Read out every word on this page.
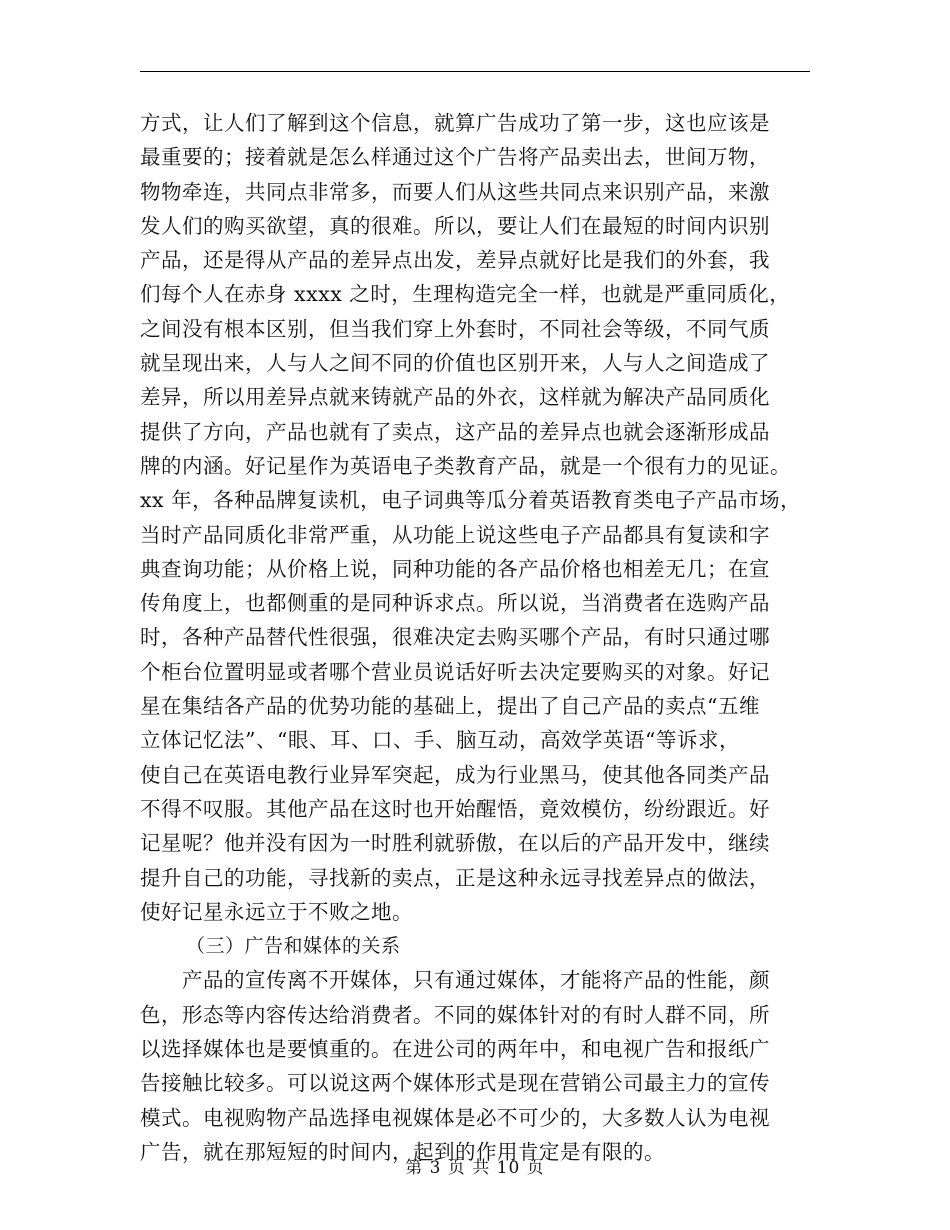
方式，让人们了解到这个信息，就算广告成功了第一步，这也应该是
最重要的；接着就是怎么样通过这个广告将产品卖出去，世间万物，
物物牵连，共同点非常多，而要人们从这些共同点来识别产品，来激
发人们的购买欲望，真的很难。所以，要让人们在最短的时间内识别
产品，还是得从产品的差异点出发，差异点就好比是我们的外套，我
们每个人在赤身 xxxx 之时，生理构造完全一样，也就是严重同质化，
之间没有根本区别，但当我们穿上外套时，不同社会等级，不同气质
就呈现出来，人与人之间不同的价值也区别开来，人与人之间造成了
差异，所以用差异点就来铸就产品的外衣，这样就为解决产品同质化
提供了方向，产品也就有了卖点，这产品的差异点也就会逐渐形成品
牌的内涵。好记星作为英语电子类教育产品，就是一个很有力的见证。
xx 年，各种品牌复读机，电子词典等瓜分着英语教育类电子产品市场，
当时产品同质化非常严重，从功能上说这些电子产品都具有复读和字
典查询功能；从价格上说，同种功能的各产品价格也相差无几；在宣
传角度上，也都侧重的是同种诉求点。所以说，当消费者在选购产品
时，各种产品替代性很强，很难决定去购买哪个产品，有时只通过哪
个柜台位置明显或者哪个营业员说话好听去决定要购买的对象。好记
星在集结各产品的优势功能的基础上，提出了自己产品的卖点“五维
立体记忆法”、“眼、耳、口、手、脑互动，高效学英语“等诉求，
使自己在英语电教行业异军突起，成为行业黑马，使其他各同类产品
不得不叹服。其他产品在这时也开始醒悟，竟效模仿，纷纷跟近。好
记星呢？他并没有因为一时胜利就骄傲，在以后的产品开发中，继续
提升自己的功能，寻找新的卖点，正是这种永远寻找差异点的做法，
使好记星永远立于不败之地。
（三）广告和媒体的关系
产品的宣传离不开媒体，只有通过媒体，才能将产品的性能，颜
色，形态等内容传达给消费者。不同的媒体针对的有时人群不同，所
以选择媒体也是要慎重的。在进公司的两年中，和电视广告和报纸广
告接触比较多。可以说这两个媒体形式是现在营销公司最主力的宣传
模式。电视购物产品选择电视媒体是必不可少的，大多数人认为电视
广告，就在那短短的时间内，起到的作用肯定是有限的。
第 3 页 共 10 页
